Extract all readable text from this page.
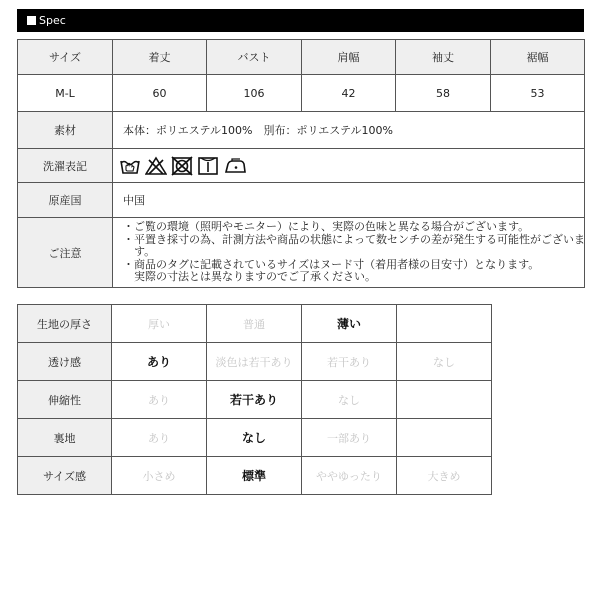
Spec
サイズ	着丈	バスト	肩幅	袖丈	裾幅
M-L	60	106	42	58	53
素材	本体：ポリエステル100%　別布：ポリエステル100%				
洗濯表記	

原産国	中国				
ご注意	・ご覧の環境（照明やモニター）により、実際の色味と異なる場合がございます。
・平置き採寸の為、計測方法や商品の状態によって数センチの差が発生する可能性がございま
　す。
・商品のタグに記載されているサイズはヌード寸（着用者様の目安寸）となります。
　実際の寸法とは異なりますのでご了承ください。				
生地の厚さ	厚い	普通	薄い	
透け感	あり	淡色は若干あり	若干あり	なし
伸縮性	あり	若干あり	なし	
裏地	あり	なし	一部あり	
サイズ感	小さめ	標準	ややゆったり	大きめ
